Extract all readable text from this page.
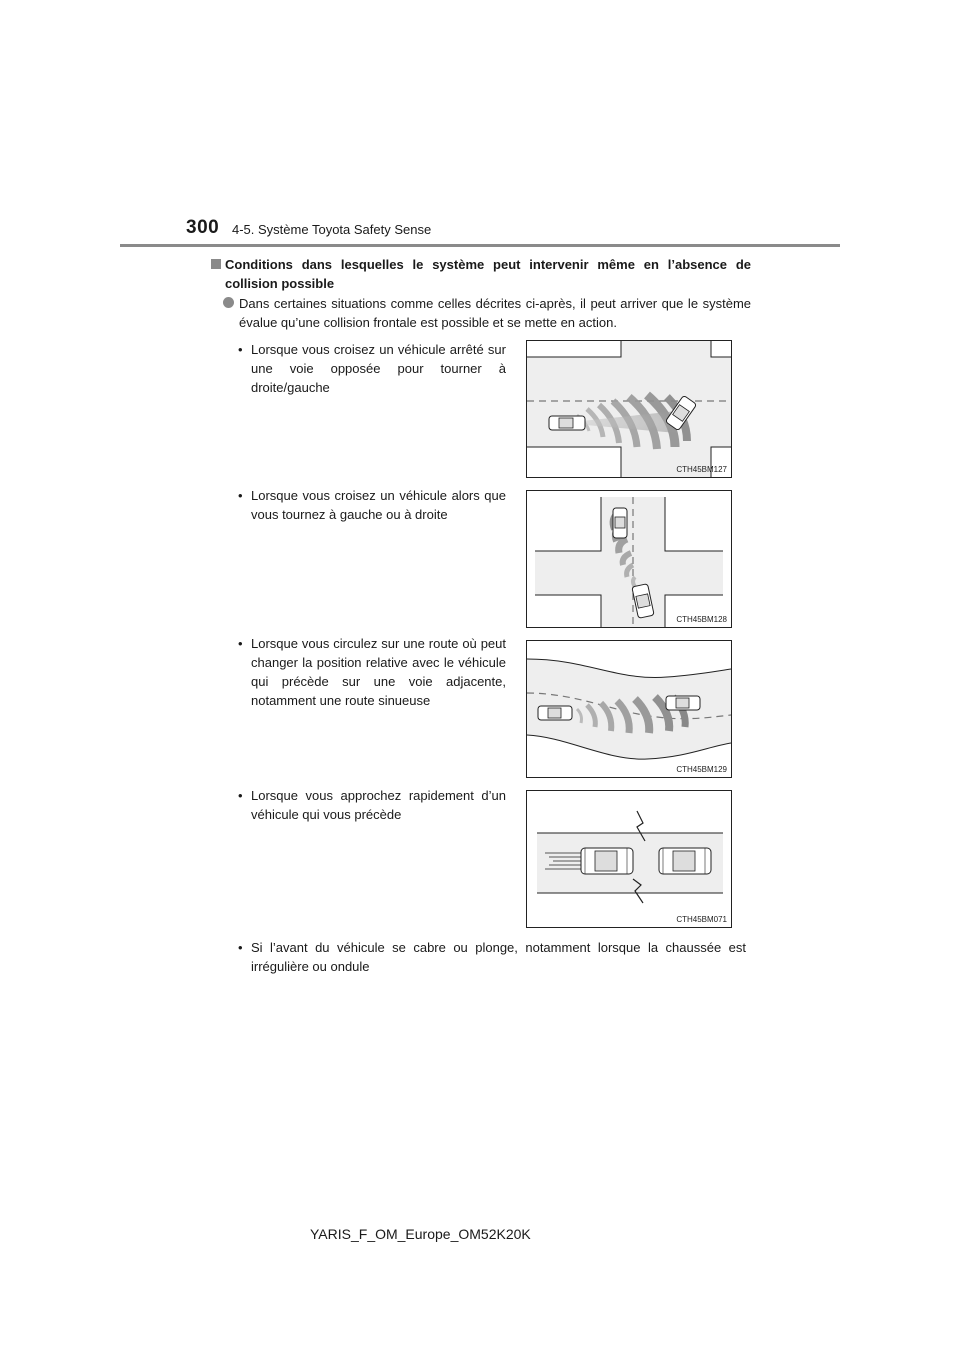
300 4-5. Système Toyota Safety Sense
Conditions dans lesquelles le système peut intervenir même en l’absence de collision possible
Dans certaines situations comme celles décrites ci-après, il peut arriver que le système évalue qu’une collision frontale est possible et se mette en action.
• Lorsque vous croisez un véhicule arrêté sur une voie opposée pour tourner à droite/gauche
CTH45BM127
• Lorsque vous croisez un véhicule alors que vous tournez à gauche ou à droite
CTH45BM128
• Lorsque vous circulez sur une route où peut changer la position relative avec le véhicule qui précède sur une voie adjacente, notamment une route sinueuse
CTH45BM129
• Lorsque vous approchez rapidement d’un véhicule qui vous précède
CTH45BM071
• Si l’avant du véhicule se cabre ou plonge, notamment lorsque la chaussée est irrégulière ou ondule
YARIS_F_OM_Europe_OM52K20K
